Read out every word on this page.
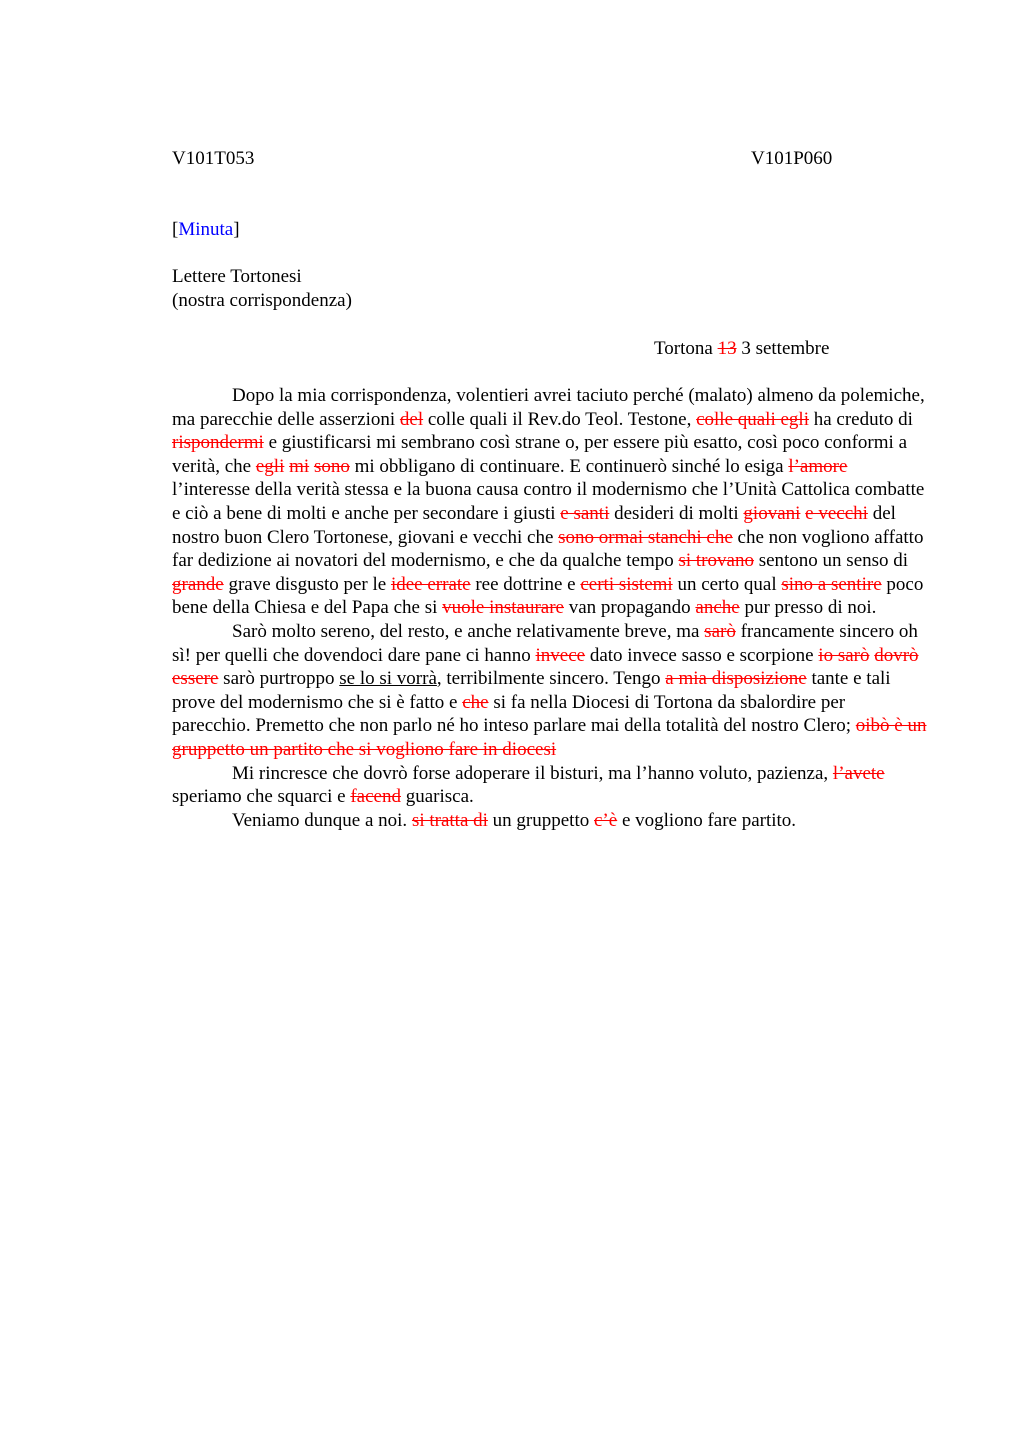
V101T053	V101P060
[Minuta]
Lettere Tortonesi
(nostra corrispondenza)
Tortona 13 3 settembre

Dopo la mia corrispondenza, volentieri avrei taciuto perché (malato) almeno da polemiche, ma parecchie delle asserzioni del colle quali il Rev.do Teol. Testone, colle quali egli ha creduto di rispondermi e giustificarsi mi sembrano così strane o, per essere più esatto, così poco conformi a verità, che egli mi sono mi obbligano di continuare. E continuerò sinché lo esiga l’amore l’interesse della verità stessa e la buona causa contro il modernismo che l’Unità Cattolica combatte e ciò a bene di molti e anche per secondare i giusti e santi desideri di molti giovani e vecchi del nostro buon Clero Tortonese, giovani e vecchi che sono ormai stanchi che che non vogliono affatto far dedizione ai novatori del modernismo, e che da qualche tempo si trovano sentono un senso di grande grave disgusto per le idee errate ree dottrine e certi sistemi un certo qual sino a sentire poco bene della Chiesa e del Papa che si vuole instaurare van propagando anche pur presso di noi.

Sarò molto sereno, del resto, e anche relativamente breve, ma sarò francamente sincero oh sì! per quelli che dovendoci dare pane ci hanno invece dato invece sasso e scorpione io sarò dovrò essere sarò purtroppo se lo si vorrà, terribilmente sincero. Tengo a mia disposizione tante e tali prove del modernismo che si è fatto e che si fa nella Diocesi di Tortona da sbalordire per parecchio. Premetto che non parlo né ho inteso parlare mai della totalità del nostro Clero; oibò è un gruppetto un partito che si vogliono fare in diocesi

Mi rincresce che dovrò forse adoperare il bisturi, ma l’hanno voluto, pazienza, l’avete speriamo che squarci e facend guarisca.

Veniamo dunque a noi. si tratta di un gruppetto c’è e vogliono fare partito.
